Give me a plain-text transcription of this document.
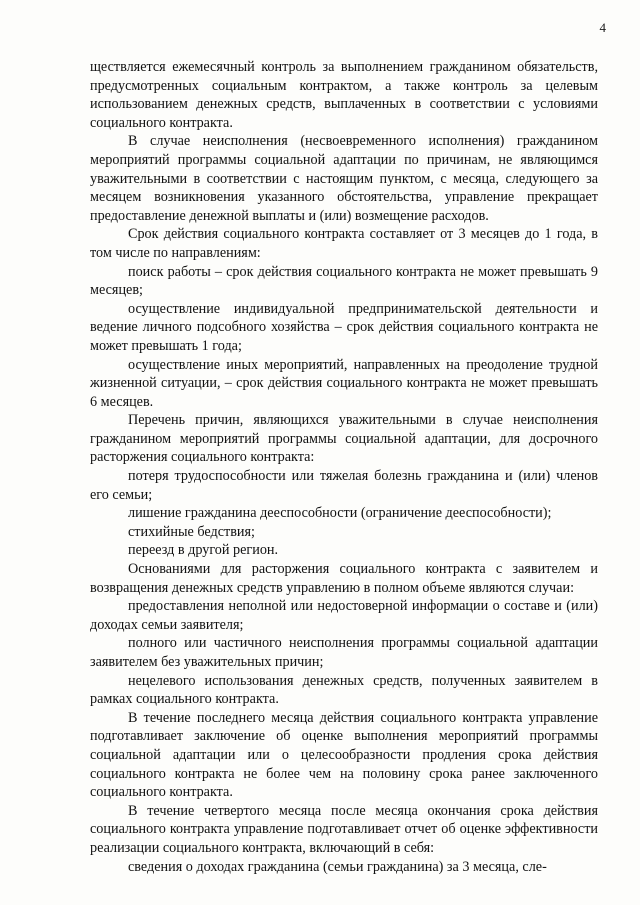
4

ществляется ежемесячный контроль за выполнением гражданином обязательств, предусмотренных социальным контрактом, а также контроль за целевым использованием денежных средств, выплаченных в соответствии с условиями социального контракта.

В случае неисполнения (несвоевременного исполнения) гражданином мероприятий программы социальной адаптации по причинам, не являющимся уважительными в соответствии с настоящим пунктом, с месяца, следующего за месяцем возникновения указанного обстоятельства, управление прекращает предоставление денежной выплаты и (или) возмещение расходов.

Срок действия социального контракта составляет от 3 месяцев до 1 года, в том числе по направлениям:

поиск работы – срок действия социального контракта не может превышать 9 месяцев;

осуществление индивидуальной предпринимательской деятельности и ведение личного подсобного хозяйства – срок действия социального контракта не может превышать 1 года;

осуществление иных мероприятий, направленных на преодоление трудной жизненной ситуации, – срок действия социального контракта не может превышать 6 месяцев.

Перечень причин, являющихся уважительными в случае неисполнения гражданином мероприятий программы социальной адаптации, для досрочного расторжения социального контракта:

потеря трудоспособности или тяжелая болезнь гражданина и (или) членов его семьи;

лишение гражданина дееспособности (ограничение дееспособности);

стихийные бедствия;

переезд в другой регион.

Основаниями для расторжения социального контракта с заявителем и возвращения денежных средств управлению в полном объеме являются случаи:

предоставления неполной или недостоверной информации о составе и (или) доходах семьи заявителя;

полного или частичного неисполнения программы социальной адаптации заявителем без уважительных причин;

нецелевого использования денежных средств, полученных заявителем в рамках социального контракта.

В течение последнего месяца действия социального контракта управление подготавливает заключение об оценке выполнения мероприятий программы социальной адаптации или о целесообразности продления срока действия социального контракта не более чем на половину срока ранее заключенного социального контракта.

В течение четвертого месяца после месяца окончания срока действия социального контракта управление подготавливает отчет об оценке эффективности реализации социального контракта, включающий в себя:

сведения о доходах гражданина (семьи гражданина) за 3 месяца, сле-
